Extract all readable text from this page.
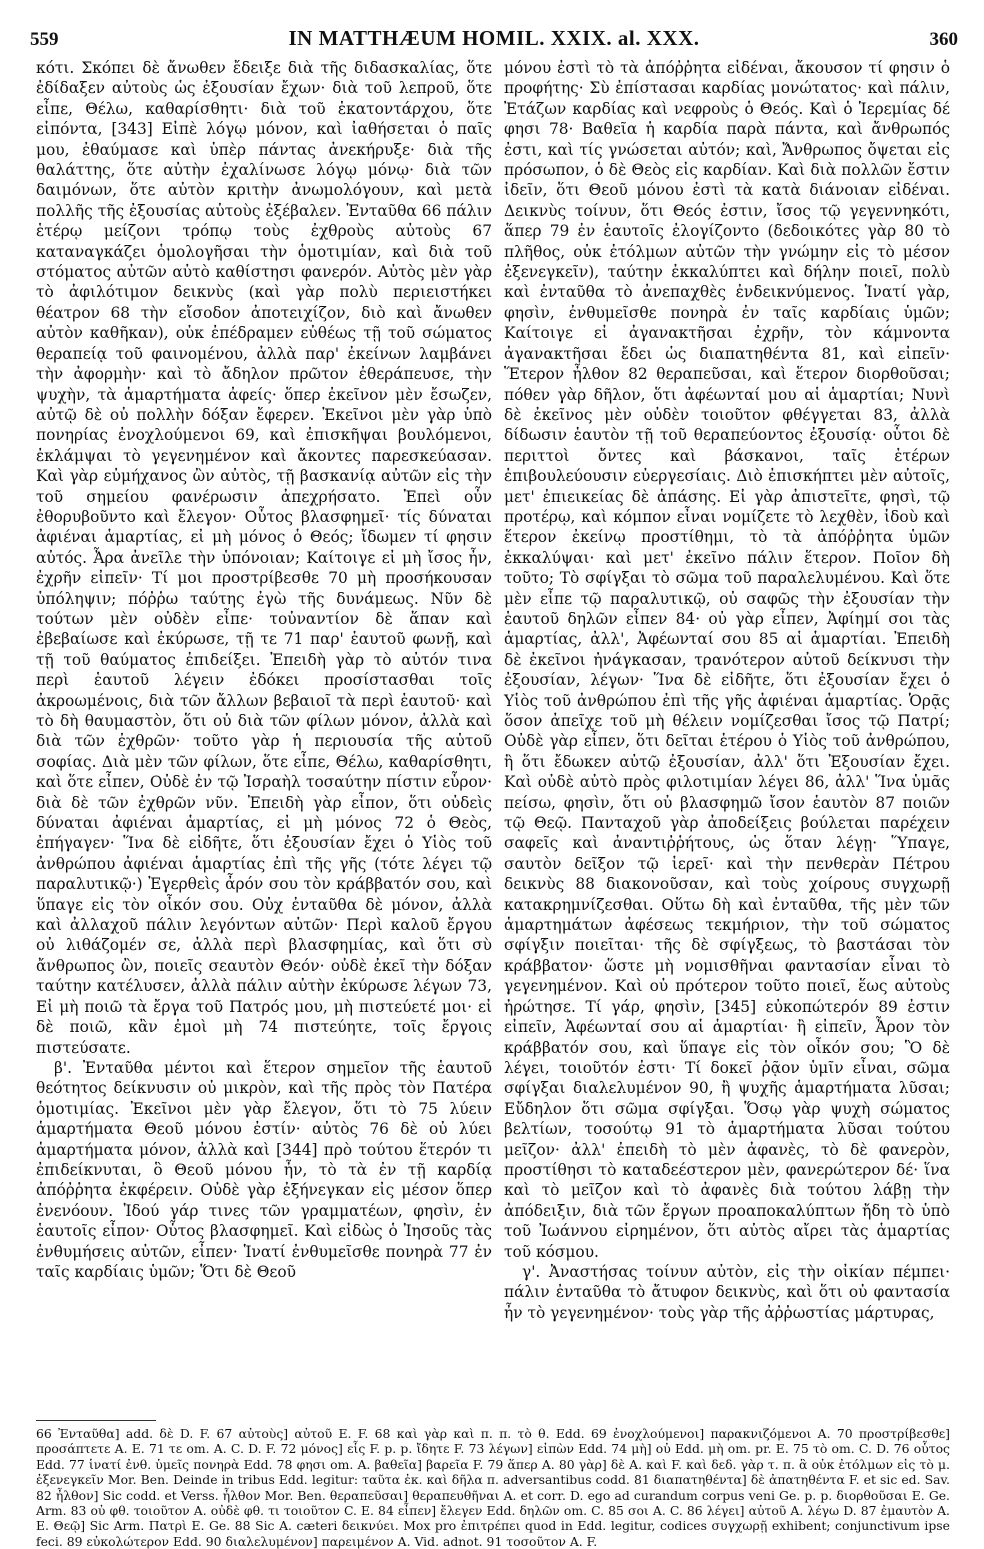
559	IN MATTHÆUM HOMIL. XXIX. al. XXX.	360

κότι. Σκόπει δὲ ἄνωθεν ἔδειξε διὰ τῆς διδασκαλίας, ὅτε ἐδίδαξεν αὐτοὺς ὡς ἐξουσίαν ἔχων· διὰ τοῦ λεπροῦ, ὅτε εἶπε, Θέλω, καθαρίσθητι· διὰ τοῦ ἑκατοντάρχου, ὅτε εἰπόντα, [343] Εἰπὲ λόγῳ μόνον, καὶ ἰαθήσεται ὁ παῖς μου, ἐθαύμασε καὶ ὑπὲρ πάντας ἀνεκήρυξε· διὰ τῆς θαλάττης, ὅτε αὐτὴν ἐχαλίνωσε λόγῳ μόνῳ· διὰ τῶν δαιμόνων, ὅτε αὐτὸν κριτὴν ἀνωμολόγουν, καὶ μετὰ πολλῆς τῆς ἐξουσίας αὐτοὺς ἐξέβαλεν. Ἐνταῦθα 66 πάλιν ἑτέρῳ μείζονι τρόπῳ τοὺς ἐχθροὺς αὐτοὺς 67 καταναγκάζει ὁμολογῆσαι τὴν ὁμοτιμίαν, καὶ διὰ τοῦ στόματος αὐτῶν αὐτὸ καθίστησι φανερόν. Αὐτὸς μὲν γὰρ τὸ ἀφιλότιμον δεικνὺς (καὶ γὰρ πολὺ περιειστήκει θέατρον 68 τὴν εἴσοδον ἀποτειχίζον, διὸ καὶ ἄνωθεν αὐτὸν καθῆκαν), οὐκ ἐπέδραμεν εὐθέως τῇ τοῦ σώματος θεραπείᾳ τοῦ φαινομένου, ἀλλὰ παρ' ἐκείνων λαμβάνει τὴν ἀφορμὴν· καὶ τὸ ἄδηλον πρῶτον ἐθεράπευσε, τὴν ψυχὴν, τὰ ἁμαρτήματα ἀφείς· ὅπερ ἐκεῖνον μὲν ἔσωζεν, αὐτῷ δὲ οὐ πολλὴν δόξαν ἔφερεν. Ἐκεῖνοι μὲν γὰρ ὑπὸ πονηρίας ἐνοχλούμενοι 69, καὶ ἐπισκῆψαι βουλόμενοι, ἐκλάμψαι τὸ γεγενημένον καὶ ἄκοντες παρεσκεύασαν. Καὶ γὰρ εὐμήχανος ὢν αὐτὸς, τῇ βασκανίᾳ αὐτῶν εἰς τὴν τοῦ σημείου φανέρωσιν ἀπεχρήσατο. Ἐπεὶ οὖν ἐθορυβοῦντο καὶ ἔλεγον· Οὗτος βλασφημεῖ· τίς δύναται ἀφιέναι ἁμαρτίας, εἰ μὴ μόνος ὁ Θεός; ἴδωμεν τί φησιν αὐτός. Ἆρα ἀνεῖλε τὴν ὑπόνοιαν; Καίτοιγε εἰ μὴ ἴσος ἦν, ἐχρῆν εἰπεῖν· Τί μοι προστρίβεσθε 70 μὴ προσήκουσαν ὑπόληψιν; πόῤῥω ταύτης ἐγὼ τῆς δυνάμεως. Νῦν δὲ τούτων μὲν οὐδὲν εἶπε· τοὐναντίον δὲ ἅπαν καὶ ἐβεβαίωσε καὶ ἐκύρωσε, τῇ τε 71 παρ' ἑαυτοῦ φωνῇ, καὶ τῇ τοῦ θαύματος ἐπιδείξει. Ἐπειδὴ γὰρ τὸ αὐτόν τινα περὶ ἑαυτοῦ λέγειν ἐδόκει προσίστασθαι τοῖς ἀκροωμένοις, διὰ τῶν ἄλλων βεβαιοῖ τὰ περὶ ἑαυτοῦ· καὶ τὸ δὴ θαυμαστὸν, ὅτι οὐ διὰ τῶν φίλων μόνον, ἀλλὰ καὶ διὰ τῶν ἐχθρῶν· τοῦτο γὰρ ἡ περιουσία τῆς αὐτοῦ σοφίας. Διὰ μὲν τῶν φίλων, ὅτε εἶπε, Θέλω, καθαρίσθητι, καὶ ὅτε εἶπεν, Οὐδὲ ἐν τῷ Ἰσραὴλ τοσαύτην πίστιν εὗρον· διὰ δὲ τῶν ἐχθρῶν νῦν. Ἐπειδὴ γὰρ εἶπον, ὅτι οὐδεὶς δύναται ἀφιέναι ἁμαρτίας, εἰ μὴ μόνος 72 ὁ Θεὸς, ἐπήγαγεν· Ἵνα δὲ εἰδῆτε, ὅτι ἐξουσίαν ἔχει ὁ Υἱὸς τοῦ ἀνθρώπου ἀφιέναι ἁμαρτίας ἐπὶ τῆς γῆς (τότε λέγει τῷ παραλυτικῷ·) Ἐγερθεὶς ἆρόν σου τὸν κράββατόν σου, καὶ ὕπαγε εἰς τὸν οἶκόν σου. Οὐχ ἐνταῦθα δὲ μόνον, ἀλλὰ καὶ ἀλλαχοῦ πάλιν λεγόντων αὐτῶν· Περὶ καλοῦ ἔργου οὐ λιθάζομέν σε, ἀλλὰ περὶ βλασφημίας, καὶ ὅτι σὺ ἄνθρωπος ὢν, ποιεῖς σεαυτὸν Θεόν· οὐδὲ ἐκεῖ τὴν δόξαν ταύτην κατέλυσεν, ἀλλὰ πάλιν αὐτὴν ἐκύρωσε λέγων 73, Εἰ μὴ ποιῶ τὰ ἔργα τοῦ Πατρός μου, μὴ πιστεύετέ μοι· εἰ δὲ ποιῶ, κἂν ἐμοὶ μὴ 74 πιστεύητε, τοῖς ἔργοις πιστεύσατε.

β'. Ἐνταῦθα μέντοι καὶ ἕτερον σημεῖον τῆς ἑαυτοῦ θεότητος δείκνυσιν οὐ μικρὸν, καὶ τῆς πρὸς τὸν Πατέρα ὁμοτιμίας. Ἐκεῖνοι μὲν γὰρ ἔλεγον, ὅτι τὸ 75 λύειν ἁμαρτήματα Θεοῦ μόνου ἐστίν· αὐτὸς 76 δὲ οὐ λύει ἁμαρτήματα μόνον, ἀλλὰ καὶ [344] πρὸ τούτου ἕτερόν τι ἐπιδείκνυται, ὃ Θεοῦ μόνου ἦν, τὸ τὰ ἐν τῇ καρδίᾳ ἀπόῤῥητα ἐκφέρειν. Οὐδὲ γὰρ ἐξήνεγκαν εἰς μέσον ὅπερ ἐνενόουν. Ἰδού γάρ τινες τῶν γραμματέων, φησὶν, ἐν ἑαυτοῖς εἶπον· Οὗτος βλασφημεῖ. Καὶ εἰδὼς ὁ Ἰησοῦς τὰς ἐνθυμήσεις αὐτῶν, εἶπεν· Ἱνατί ἐνθυμεῖσθε πονηρὰ 77 ἐν ταῖς καρδίαις ὑμῶν; Ὅτι δὲ Θεοῦ

μόνου ἐστὶ τὸ τὰ ἀπόῤῥητα εἰδέναι, ἄκουσον τί φησιν ὁ προφήτης· Σὺ ἐπίστασαι καρδίας μονώτατος· καὶ πάλιν, Ἐτάζων καρδίας καὶ νεφροὺς ὁ Θεός. Καὶ ὁ Ἱερεμίας δέ φησι 78· Βαθεῖα ἡ καρδία παρὰ πάντα, καὶ ἄνθρωπός ἐστι, καὶ τίς γνώσεται αὐτόν; καὶ, Ἄνθρωπος ὄψεται εἰς πρόσωπον, ὁ δὲ Θεὸς εἰς καρδίαν. Καὶ διὰ πολλῶν ἔστιν ἰδεῖν, ὅτι Θεοῦ μόνου ἐστὶ τὰ κατὰ διάνοιαν εἰδέναι. Δεικνὺς τοίνυν, ὅτι Θεός ἐστιν, ἴσος τῷ γεγεννηκότι, ἅπερ 79 ἐν ἑαυτοῖς ἐλογίζοντο (δεδοικότες γὰρ 80 τὸ πλῆθος, οὐκ ἐτόλμων αὐτῶν τὴν γνώμην εἰς τὸ μέσον ἐξενεγκεῖν), ταύτην ἐκκαλύπτει καὶ δήλην ποιεῖ, πολὺ καὶ ἐνταῦθα τὸ ἀνεπαχθὲς ἐνδεικνύμενος. Ἱνατί γὰρ, φησὶν, ἐνθυμεῖσθε πονηρὰ ἐν ταῖς καρδίαις ὑμῶν; Καίτοιγε εἰ ἀγανακτῆσαι ἐχρῆν, τὸν κάμνοντα ἀγανακτῆσαι ἔδει ὡς διαπατηθέντα 81, καὶ εἰπεῖν· Ἕτερον ἦλθον 82 θεραπεῦσαι, καὶ ἕτερον διορθοῦσαι; πόθεν γὰρ δῆλον, ὅτι ἀφέωνταί μου αἱ ἁμαρτίαι; Νυνὶ δὲ ἐκεῖνος μὲν οὐδὲν τοιοῦτον φθέγγεται 83, ἀλλὰ δίδωσιν ἑαυτὸν τῇ τοῦ θεραπεύοντος ἐξουσίᾳ· οὗτοι δὲ περιττοὶ ὄντες καὶ βάσκανοι, ταῖς ἑτέρων ἐπιβουλεύουσιν εὐεργεσίαις. Διὸ ἐπισκήπτει μὲν αὐτοῖς, μετ' ἐπιεικείας δὲ ἁπάσης. Εἰ γὰρ ἀπιστεῖτε, φησὶ, τῷ προτέρῳ, καὶ κόμπον εἶναι νομίζετε τὸ λεχθὲν, ἰδοὺ καὶ ἕτερον ἐκείνῳ προστίθημι, τὸ τὰ ἀπόῤῥητα ὑμῶν ἐκκαλύψαι· καὶ μετ' ἐκεῖνο πάλιν ἕτερον. Ποῖον δὴ τοῦτο; Τὸ σφίγξαι τὸ σῶμα τοῦ παραλελυμένου. Καὶ ὅτε μὲν εἶπε τῷ παραλυτικῷ, οὐ σαφῶς τὴν ἐξουσίαν τὴν ἑαυτοῦ δηλῶν εἶπεν 84· οὐ γὰρ εἶπεν, Ἀφίημί σοι τὰς ἁμαρτίας, ἀλλ', Ἀφέωνταί σου 85 αἱ ἁμαρτίαι. Ἐπειδὴ δὲ ἐκεῖνοι ἠνάγκασαν, τρανότερον αὐτοῦ δείκνυσι τὴν ἐξουσίαν, λέγων· Ἵνα δὲ εἰδῆτε, ὅτι ἐξουσίαν ἔχει ὁ Υἱὸς τοῦ ἀνθρώπου ἐπὶ τῆς γῆς ἀφιέναι ἁμαρτίας. Ὁρᾷς ὅσον ἀπεῖχε τοῦ μὴ θέλειν νομίζεσθαι ἴσος τῷ Πατρί; Οὐδὲ γὰρ εἶπεν, ὅτι δεῖται ἑτέρου ὁ Υἱὸς τοῦ ἀνθρώπου, ἢ ὅτι ἔδωκεν αὐτῷ ἐξουσίαν, ἀλλ' ὅτι Ἐξουσίαν ἔχει. Καὶ οὐδὲ αὐτὸ πρὸς φιλοτιμίαν λέγει 86, ἀλλ' Ἵνα ὑμᾶς πείσω, φησὶν, ὅτι οὐ βλασφημῶ ἴσον ἑαυτὸν 87 ποιῶν τῷ Θεῷ. Πανταχοῦ γὰρ ἀποδείξεις βούλεται παρέχειν σαφεῖς καὶ ἀναντιῤῥήτους, ὡς ὅταν λέγῃ· Ὕπαγε, σαυτὸν δεῖξον τῷ ἱερεῖ· καὶ τὴν πενθερὰν Πέτρου δεικνὺς 88 διακονοῦσαν, καὶ τοὺς χοίρους συγχωρῇ κατακρημνίζεσθαι. Οὕτω δὴ καὶ ἐνταῦθα, τῆς μὲν τῶν ἁμαρτημάτων ἀφέσεως τεκμήριον, τὴν τοῦ σώματος σφίγξιν ποιεῖται· τῆς δὲ σφίγξεως, τὸ βαστάσαι τὸν κράββατον· ὥστε μὴ νομισθῆναι φαντασίαν εἶναι τὸ γεγενημένον. Καὶ οὐ πρότερον τοῦτο ποιεῖ, ἕως αὐτοὺς ἠρώτησε. Τί γάρ, φησὶν, [345] εὐκοπώτερόν 89 ἐστιν εἰπεῖν, Ἀφέωνταί σου αἱ ἁμαρτίαι· ἢ εἰπεῖν, Ἆρον τὸν κράββατόν σου, καὶ ὕπαγε εἰς τὸν οἶκόν σου; Ὃ δὲ λέγει, τοιοῦτόν ἐστι· Τί δοκεῖ ῥᾷον ὑμῖν εἶναι, σῶμα σφίγξαι διαλελυμένον 90, ἢ ψυχῆς ἁμαρτήματα λῦσαι; Εὔδηλον ὅτι σῶμα σφίγξαι. Ὅσῳ γὰρ ψυχὴ σώματος βελτίων, τοσούτῳ 91 τὸ ἁμαρτήματα λῦσαι τούτου μεῖζον· ἀλλ' ἐπειδὴ τὸ μὲν ἀφανὲς, τὸ δὲ φανερὸν, προστίθησι τὸ καταδεέστερον μὲν, φανερώτερον δέ· ἵνα καὶ τὸ μεῖζον καὶ τὸ ἀφανὲς διὰ τούτου λάβῃ τὴν ἀπόδειξιν, διὰ τῶν ἔργων προαποκαλύπτων ἤδη τὸ ὑπὸ τοῦ Ἰωάννου εἰρημένον, ὅτι αὐτὸς αἴρει τὰς ἁμαρτίας τοῦ κόσμου.

γ'. Ἀναστήσας τοίνυν αὐτὸν, εἰς τὴν οἰκίαν πέμπει· πάλιν ἐνταῦθα τὸ ἄτυφον δεικνὺς, καὶ ὅτι οὐ φαντασία ἦν τὸ γεγενημένον· τοὺς γὰρ τῆς ἀῤῥωστίας μάρτυρας,

66 Ἐνταῦθα] add. δὲ D. F. 67 αὐτοὺς] αὐτοῦ E. F. 68 καὶ γὰρ καὶ π. π. τὸ θ. Edd. 69 ἐνοχλούμενοι] παρακνιζόμενοι A. 70 προστρίβεσθε] προσάπτετε A. E. 71 τε om. A. C. D. F. 72 μόνος] εἷς F. p. p. ἴδητε F. 73 λέγων] εἰπὼν Edd. 74 μὴ] οὐ Edd. μὴ om. pr. E. 75 τὸ om. C. D. 76 οὗτος Edd. 77 ἱνατί ἐνθ. ὑμεῖς πονηρὰ Edd. 78 φησι om. A. βαθεῖα] βαρεῖα F. 79 ἅπερ A. 80 γὰρ] δὲ A. καὶ F. καὶ δεδ. γὰρ τ. π. ἃ οὐκ ἐτόλμων εἰς τὸ μ. ἐξενεγκεῖν Mor. Ben. Deinde in tribus Edd. legitur: ταῦτα ἐκ. καὶ δῆλα π. adversantibus codd. 81 διαπατηθέντα] δὲ ἀπατηθέντα F. et sic ed. Sav. 82 ἦλθον] Sic codd. et Verss. ἦλθον Mor. Ben. θεραπεῦσαι] θεραπευθῆναι A. et corr. D. ego ad curandum corpus veni Ge. p. p. διορθοῦσαι E. Ge. Arm. 83 οὐ φθ. τοιοῦτον A. οὐδὲ φθ. τι τοιοῦτον C. E. 84 εἶπεν] ἔλεγεν Edd. δηλῶν om. C. 85 σοι A. C. 86 λέγει] αὐτοῦ A. λέγω D. 87 ἐμαυτὸν A. E. Θεῷ] Sic Arm. Πατρὶ E. Ge. 88 Sic A. cæteri δεικνύει. Mox pro ἐπιτρέπει quod in Edd. legitur, codices συγχωρῇ exhibent; conjunctivum ipse feci. 89 εὐκολώτερον Edd. 90 διαλελυμένον] παρειμένον A. Vid. adnot. 91 τοσοῦτον A. F.
